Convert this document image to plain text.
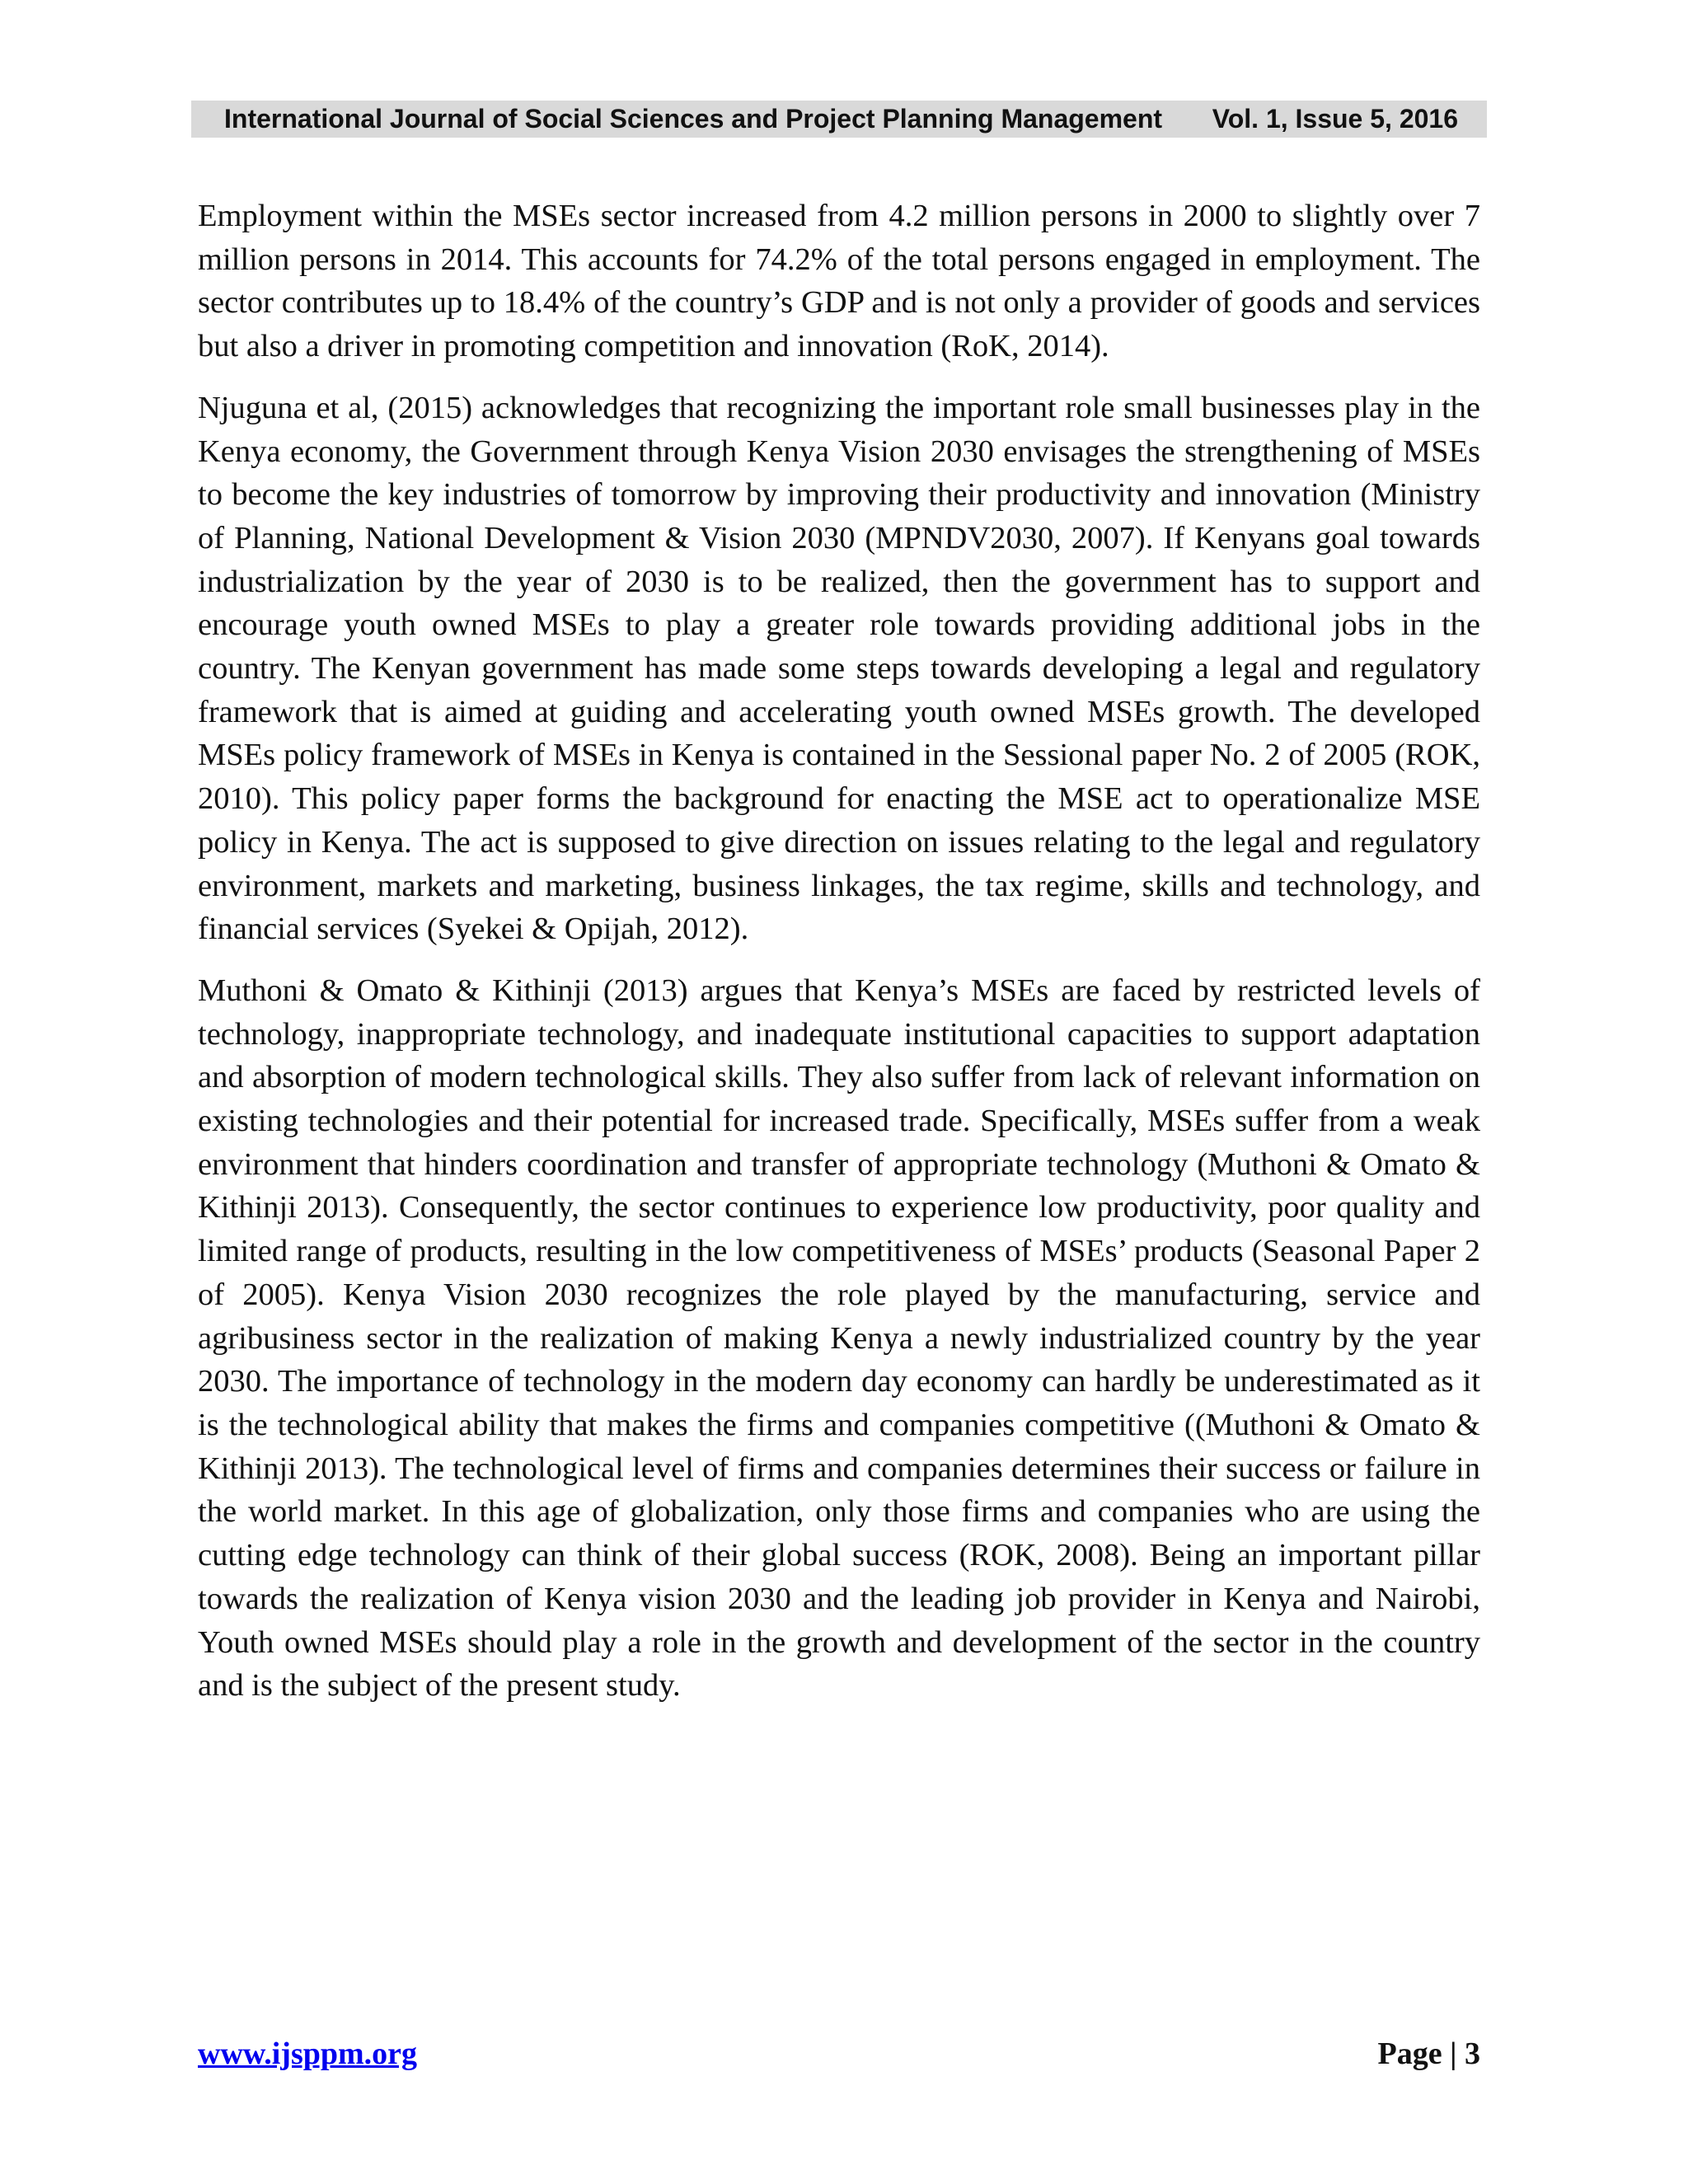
International Journal of Social Sciences and Project Planning Management Vol. 1, Issue 5, 2016

Employment within the MSEs sector increased from 4.2 million persons in 2000 to slightly over 7 million persons in 2014. This accounts for 74.2% of the total persons engaged in employment. The sector contributes up to 18.4% of the country’s GDP and is not only a provider of goods and services but also a driver in promoting competition and innovation (RoK, 2014).

Njuguna et al, (2015) acknowledges that recognizing the important role small businesses play in the Kenya economy, the Government through Kenya Vision 2030 envisages the strengthening of MSEs to become the key industries of tomorrow by improving their productivity and innovation (Ministry of Planning, National Development & Vision 2030 (MPNDV2030, 2007). If Kenyans goal towards industrialization by the year of 2030 is to be realized, then the government has to support and encourage youth owned MSEs to play a greater role towards providing additional jobs in the country. The Kenyan government has made some steps towards developing a legal and regulatory framework that is aimed at guiding and accelerating youth owned MSEs growth. The developed MSEs policy framework of MSEs in Kenya is contained in the Sessional paper No. 2 of 2005 (ROK, 2010). This policy paper forms the background for enacting the MSE act to operationalize MSE policy in Kenya. The act is supposed to give direction on issues relating to the legal and regulatory environment, markets and marketing, business linkages, the tax regime, skills and technology, and financial services (Syekei & Opijah, 2012).

Muthoni & Omato & Kithinji (2013) argues that Kenya’s MSEs are faced by restricted levels of technology, inappropriate technology, and inadequate institutional capacities to support adaptation and absorption of modern technological skills. They also suffer from lack of relevant information on existing technologies and their potential for increased trade. Specifically, MSEs suffer from a weak environment that hinders coordination and transfer of appropriate technology (Muthoni & Omato & Kithinji 2013). Consequently, the sector continues to experience low productivity, poor quality and limited range of products, resulting in the low competitiveness of MSEs’ products (Seasonal Paper 2 of 2005). Kenya Vision 2030 recognizes the role played by the manufacturing, service and agribusiness sector in the realization of making Kenya a newly industrialized country by the year 2030. The importance of technology in the modern day economy can hardly be underestimated as it is the technological ability that makes the firms and companies competitive ((Muthoni & Omato & Kithinji 2013). The technological level of firms and companies determines their success or failure in the world market. In this age of globalization, only those firms and companies who are using the cutting edge technology can think of their global success (ROK, 2008). Being an important pillar towards the realization of Kenya vision 2030 and the leading job provider in Kenya and Nairobi, Youth owned MSEs should play a role in the growth and development of the sector in the country and is the subject of the present study.

www.ijsppm.org	Page | 3
